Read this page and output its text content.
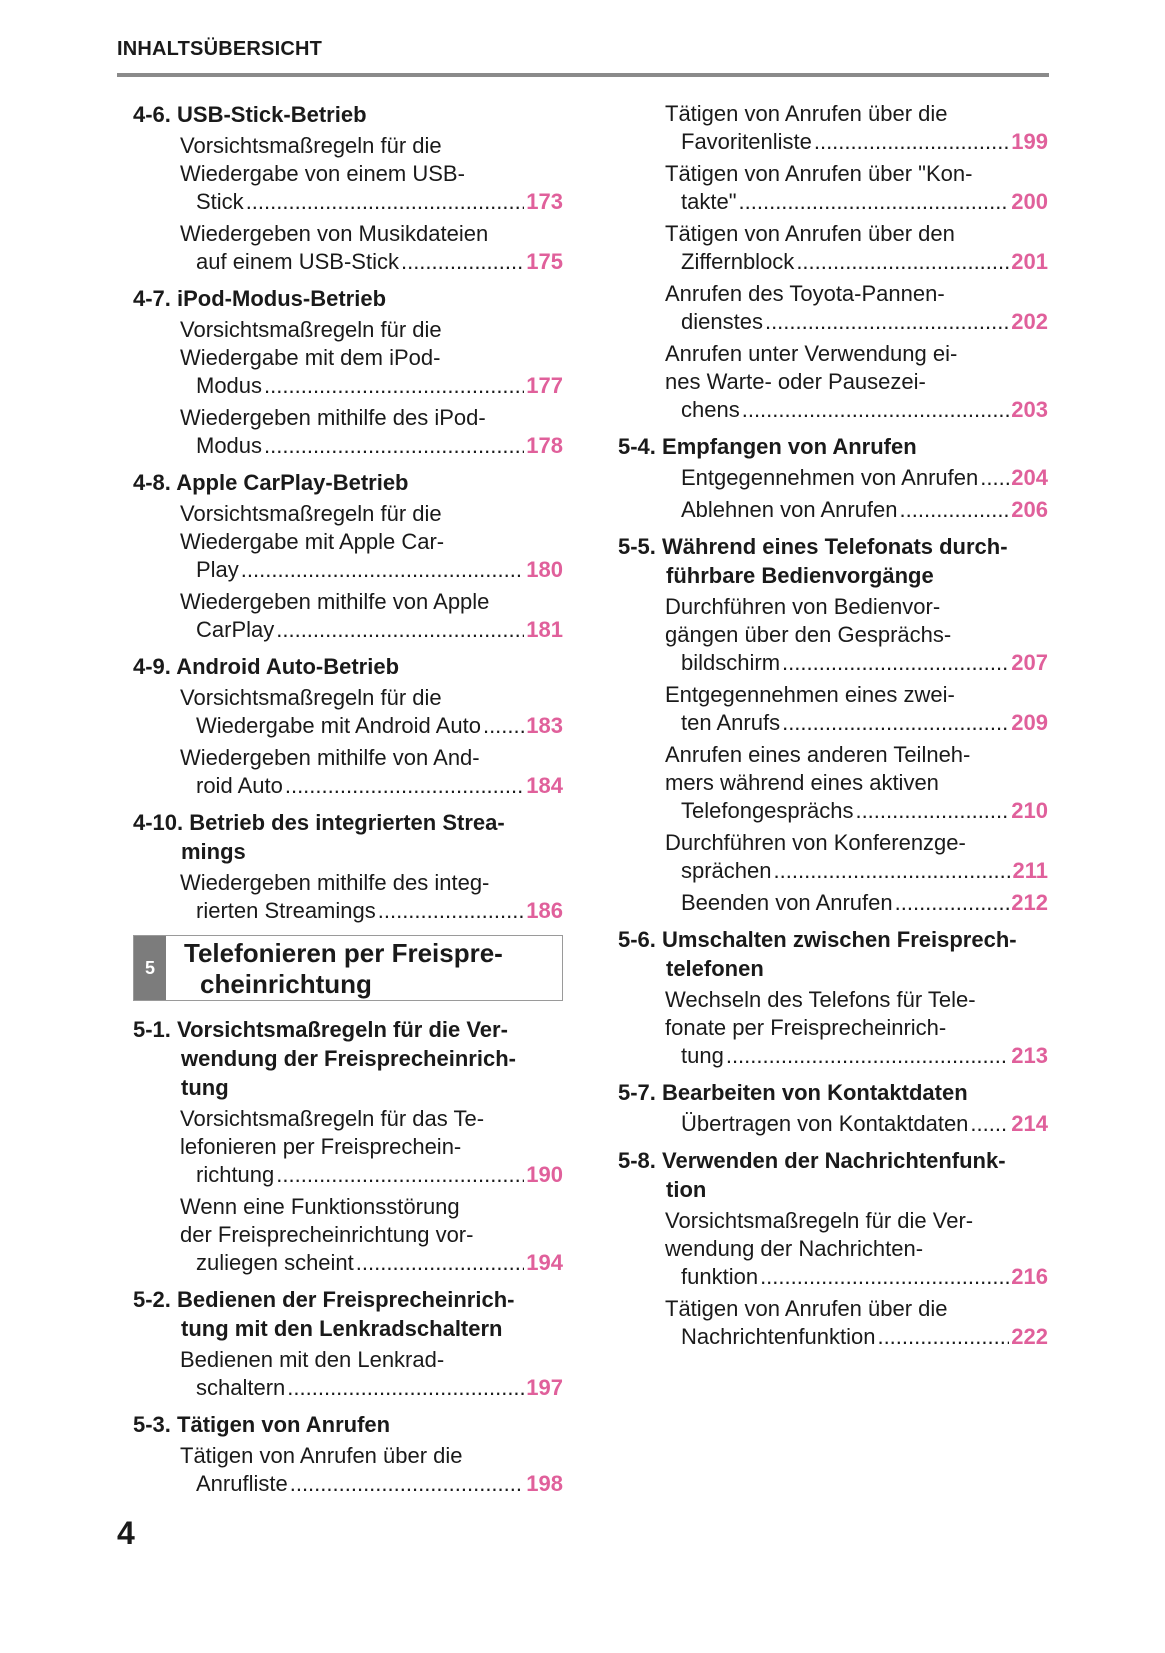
INHALTSÜBERSICHT
4-6. USB-Stick-Betrieb
Vorsichtsmaßregeln für die
Wiedergabe von einem USB-
Stick .....	173
Wiedergeben von Musikdateien
auf einem USB-Stick .....	175
4-7. iPod-Modus-Betrieb
Vorsichtsmaßregeln für die
Wiedergabe mit dem iPod-
Modus .....	177
Wiedergeben mithilfe des iPod-
Modus .....	178
4-8. Apple CarPlay-Betrieb
Vorsichtsmaßregeln für die
Wiedergabe mit Apple Car-
Play .....	180
Wiedergeben mithilfe von Apple
CarPlay .....	181
4-9. Android Auto-Betrieb
Vorsichtsmaßregeln für die
Wiedergabe mit Android Auto ..... 183
Wiedergeben mithilfe von And-
roid Auto .....	184
4-10. Betrieb des integrierten Strea-
mings
Wiedergeben mithilfe des integ-
rierten Streamings .....	186
5	Telefonieren per Freispre-
cheinrichtung
5-1. Vorsichtsmaßregeln für die Ver-
wendung der Freisprecheinrich-
tung
Vorsichtsmaßregeln für das Te-
lefonieren per Freisprechein-
richtung .....	190
Wenn eine Funktionsstörung
der Freisprecheinrichtung vor-
zuliegen scheint .....	194
5-2. Bedienen der Freisprecheinrich-
tung mit den Lenkradschaltern
Bedienen mit den Lenkrad-
schaltern .....	197
5-3. Tätigen von Anrufen
Tätigen von Anrufen über die
Anrufliste .....	198
Tätigen von Anrufen über die
Favoritenliste .....	199
Tätigen von Anrufen über "Kon-
takte" .....	200
Tätigen von Anrufen über den
Ziffernblock .....	201
Anrufen des Toyota-Pannen-
dienstes .....	202
Anrufen unter Verwendung ei-
nes Warte- oder Pausezei-
chens .....	203
5-4. Empfangen von Anrufen
Entgegennehmen von Anrufen ..... 204
Ablehnen von Anrufen .....	206
5-5. Während eines Telefonats durch-
führbare Bedienvorgänge
Durchführen von Bedienvor-
gängen über den Gesprächs-
bildschirm .....	207
Entgegennehmen eines zwei-
ten Anrufs .....	209
Anrufen eines anderen Teilneh-
mers während eines aktiven
Telefongesprächs .....	210
Durchführen von Konferenzge-
sprächen .....	211
Beenden von Anrufen .....	212
5-6. Umschalten zwischen Freisprech-
telefonen
Wechseln des Telefons für Tele-
fonate per Freisprecheinrich-
tung .....	213
5-7. Bearbeiten von Kontaktdaten
Übertragen von Kontaktdaten ..... 214
5-8. Verwenden der Nachrichtenfunk-
tion
Vorsichtsmaßregeln für die Ver-
wendung der Nachrichten-
funktion .....	216
Tätigen von Anrufen über die
Nachrichtenfunktion .....	222
4
